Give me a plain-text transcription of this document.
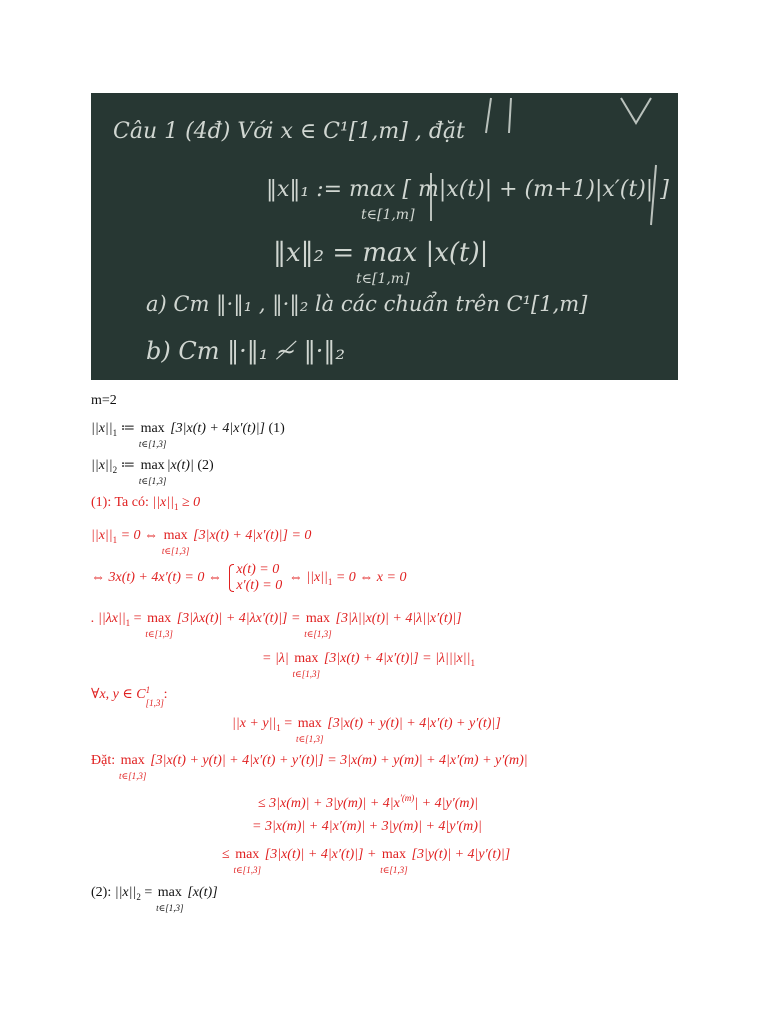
Câu 1 (4đ) Với x ∈ C¹[1,m] , đặt
‖x‖₁ := max [ m|x(t)| + (m+1)|x′(t)| ]
t∈[1,m]
‖x‖₂ = max |x(t)|
t∈[1,m]
a) Cm ‖·‖₁ , ‖·‖₂ là các chuẩn trên C¹[1,m]
b) Cm ‖·‖₁ ≁ ‖·‖₂
m=2
$||x||_1$ ≔ max
t∈[1,3]
[3|x(t) + 4|x′(t)|] (1)
$||x||_2$ ≔ max
t∈[1,3]
|x(t)| (2)
(1): Ta có: $||x||_1 \ge 0$
$||x||_1 = 0$ ⇔ max
t∈[1,3]
[3|x(t) + 4|x′(t)|] = 0
⇔ 3x(t) + 4x′(t) = 0 ⇔
x(t) = 0
x′(t) = 0
⇔ $||x||_1 = 0$ ⇔ x = 0
. $||\lambda x||_1 = \max$
t∈[1,3]
[3|λx(t)| + 4|λx′(t)|] = max
t∈[1,3]
[3|λ||x(t)| + 4|λ||x′(t)|]
= |λ| max
t∈[1,3]
$[3|x(t) + 4|x'(t)|] = |\lambda|||x||_1$
∀x, y ∈ C 1
[1,3]
:
$||x + y||_1 = \max$
t∈[1,3]
[3|x(t) + y(t)| + 4|x′(t) + y′(t)|]
Đặt: max
t∈[1,3]
[3|x(t) + y(t)| + 4|x′(t) + y′(t)|] = 3|x(m) + y(m)| + 4|x′(m) + y′(m)|
≤ $3|x(m)| + 3|y(m)| + 4|x^{'(m)}| + 4|y'(m)|$
= 3|x(m)| + 4|x′(m)| + 3|y(m)| + 4|y′(m)|
≤ max
t∈[1,3]
[3|x(t)| + 4|x′(t)|] + max
t∈[1,3]
[3|y(t)| + 4|y′(t)|]
(2): $||x||_2 = \max$
t∈[1,3]
[x(t)]
